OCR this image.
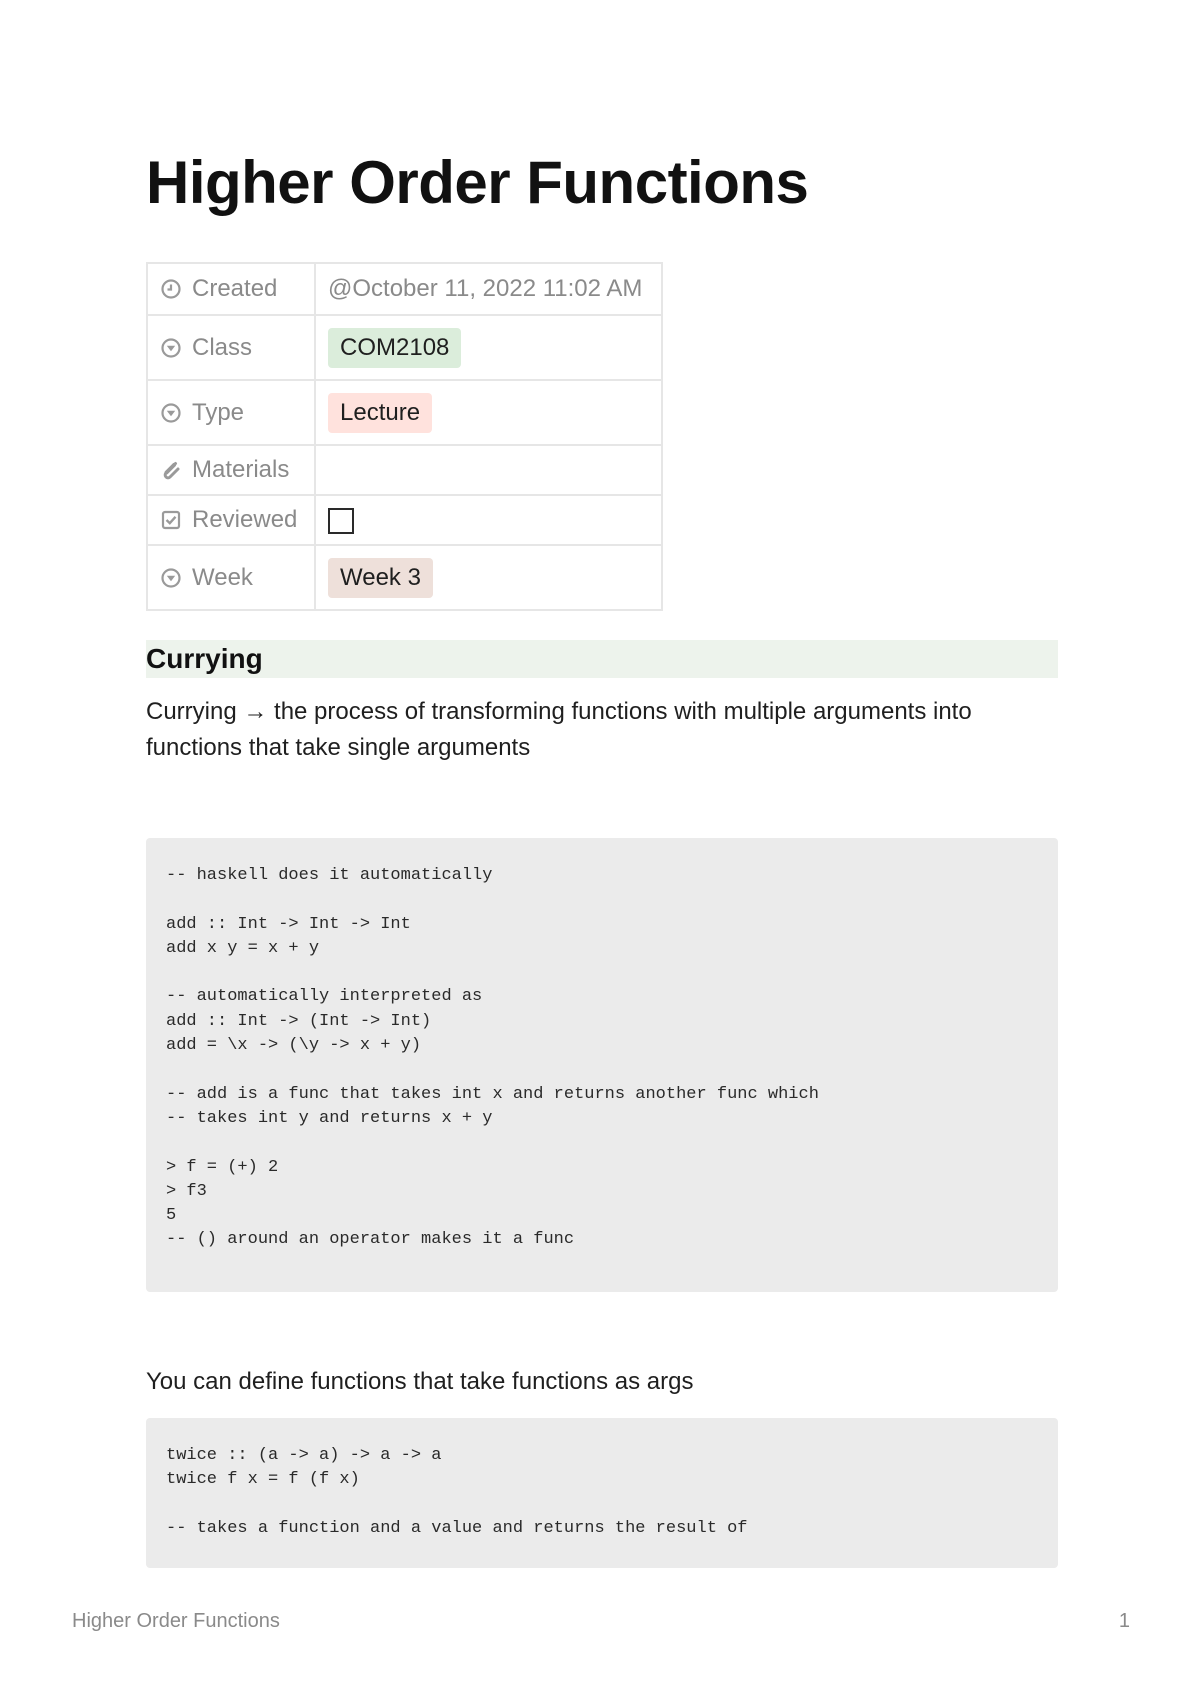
Higher Order Functions
Created	@October 11, 2022 11:02 AM

Class	COM2108

Type	Lecture

Materials	

Reviewed	

Week	Week 3
Currying

Currying → the process of transforming functions with multiple arguments into functions that take single arguments

-- haskell does it automatically

add :: Int -> Int -> Int
add x y = x + y

-- automatically interpreted as
add :: Int -> (Int -> Int)
add = \x -> (\y -> x + y)

-- add is a func that takes int x and returns another func which
-- takes int y and returns x + y

> f = (+) 2
> f3
5
-- () around an operator makes it a func

You can define functions that take functions as args

twice :: (a -> a) -> a -> a
twice f x = f (f x)

-- takes a function and a value and returns the result of
Higher Order Functions	1
